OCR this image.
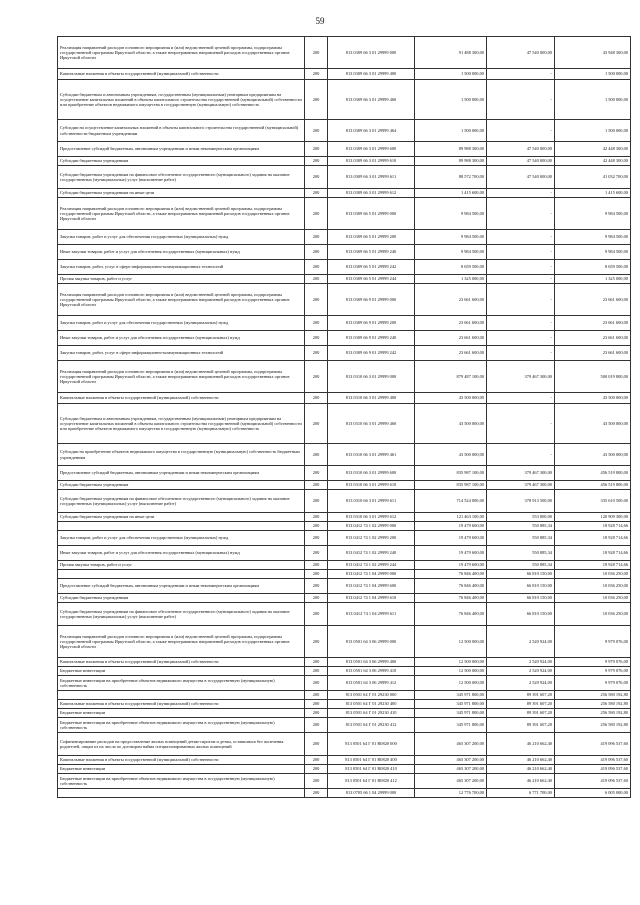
59
Реализация направлений расходов основного мероприятия и (или) ведомственной целевой программы, подпрограммы государственной программы Иркутской области, а также непрограммных направлений расходов государственных органов Иркутской области	200	813 0309 66 3 01 29999 000	91 488 300,00	47 540 000,00	43 948 300,00
Капитальные вложения в объекты государственной (муниципальной) собственности	200	813 0309 66 3 01 29999 400	1 500 000,00	-	1 500 000,00
Субсидии бюджетным и автономным учреждениям, государственным (муниципальным) унитарным предприятиям на осуществление капитальных вложений в объекты капитального строительства государственной (муниципальной) собственности или приобретение объектов недвижимого имущества в государственную (муниципальную) собственность	200	813 0309 66 3 01 29999 460	1 500 000,00	-	1 500 000,00
Субсидии на осуществление капитальных вложений в объекты капитального строительства государственной (муниципальной) собственности бюджетным учреждениям	200	813 0309 66 3 01 29999 464	1 500 000,00	-	1 500 000,00
Предоставление субсидий бюджетным, автономным учреждениям и иным некоммерческим организациям	200	813 0309 66 3 01 29999 600	89 988 300,00	47 540 000,00	42 448 300,00
Субсидии бюджетным учреждениям	200	813 0309 66 3 01 29999 610	89 988 300,00	47 540 000,00	42 448 300,00
Субсидии бюджетным учреждениям на финансовое обеспечение государственного (муниципального) задания на оказание государственных (муниципальных) услуг (выполнение работ)	200	813 0309 66 3 01 29999 611	88 572 700,00	47 540 000,00	41 032 700,00
Субсидии бюджетным учреждениям на иные цели	200	813 0309 66 3 01 29999 612	1 415 600,00	-	1 415 600,00
Реализация направлений расходов основного мероприятия и (или) ведомственной целевой программы, подпрограммы государственной программы Иркутской области, а также непрограммных направлений расходов государственных органов Иркутской области	200	813 0309 66 5 01 29999 000	9 984 500,00	-	9 984 500,00
Закупка товаров, работ и услуг для обеспечения государственных (муниципальных) нужд	200	813 0309 66 5 01 29999 200	9 984 500,00	-	9 984 500,00
Иные закупки товаров, работ и услуг для обеспечения государственных (муниципальных) нужд	200	813 0309 66 5 01 29999 240	9 984 500,00	-	9 984 500,00
Закупка товаров, работ, услуг в сфере информационно-коммуникационных технологий	200	813 0309 66 5 01 29999 242	8 659 500,00	-	8 659 500,00
Прочая закупка товаров, работ и услуг	200	813 0309 66 5 01 29999 244	1 325 000,00	-	1 325 000,00
Реализация направлений расходов основного мероприятия и (или) ведомственной целевой программы, подпрограммы государственной программы Иркутской области, а также непрограммных направлений расходов государственных органов Иркутской области	200	813 0309 66 9 01 29999 000	23 661 600,00	-	23 661 600,00
Закупка товаров, работ и услуг для обеспечения государственных (муниципальных) нужд	200	813 0309 66 9 01 29999 200	23 661 600,00	-	23 661 600,00
Иные закупки товаров, работ и услуг для обеспечения государственных (муниципальных) нужд	200	813 0309 66 9 01 29999 240	23 661 600,00	-	23 661 600,00
Закупка товаров, работ, услуг в сфере информационно-коммуникационных технологий	200	813 0309 66 9 01 29999 242	23 661 600,00	-	23 661 600,00
Реализация направлений расходов основного мероприятия и (или) ведомственной целевой программы, подпрограммы государственной программы Иркутской области, а также непрограммных направлений расходов государственных органов Иркутской области	200	813 0310 66 3 01 29999 000	879 487 100,00	379 467 300,00	500 019 800,00
Капитальные вложения в объекты государственной (муниципальной) собственности	200	813 0310 66 3 01 29999 400	43 500 000,00	-	43 500 000,00
Субсидии бюджетным и автономным учреждениям, государственным (муниципальным) унитарным предприятиям на осуществление капитальных вложений в объекты капитального строительства государственной (муниципальной) собственности или приобретение объектов недвижимого имущества в государственную (муниципальную) собственность	200	813 0310 66 3 01 29999 460	43 500 000,00	-	43 500 000,00
Субсидии на приобретение объектов недвижимого имущества в государственную (муниципальную) собственность бюджетным учреждениям	200	813 0310 66 3 01 29999 461	43 500 000,00	-	43 500 000,00
Предоставление субсидий бюджетным, автономным учреждениям и иным некоммерческим организациям	200	813 0310 66 3 01 29999 600	835 987 100,00	379 467 300,00	456 519 800,00
Субсидии бюджетным учреждениям	200	813 0310 66 3 01 29999 610	835 987 100,00	379 467 300,00	456 519 800,00
Субсидии бюджетным учреждениям на финансовое обеспечение государственного (муниципального) задания на оказание государственных (муниципальных) услуг (выполнение работ)	200	813 0310 66 3 01 29999 611	714 524 000,00	378 913 500,00	335 610 500,00
Субсидии бюджетным учреждениям на иные цели	200	813 0310 66 3 01 29999 612	121 463 100,00	553 800,00	120 909 300,00
	200	813 0412 74 1 02 29999 000	19 479 600,00	550 885,34	18 928 714,66
Закупка товаров, работ и услуг для обеспечения государственных (муниципальных) нужд	200	813 0412 74 1 02 29999 200	19 479 600,00	550 885,34	18 928 714,66
Иные закупки товаров, работ и услуг для обеспечения государственных (муниципальных) нужд	200	813 0412 74 1 02 29999 240	19 479 600,00	550 885,34	18 928 714,66
Прочая закупка товаров, работ и услуг	200	813 0412 74 1 02 29999 244	19 479 600,00	550 885,34	18 928 714,66
	200	813 0412 74 1 04 29999 000	76 846 400,00	66 810 150,00	10 036 250,00
Предоставление субсидий бюджетным, автономным учреждениям и иным некоммерческим организациям	200	813 0412 74 1 04 29999 600	76 846 400,00	66 810 150,00	10 036 250,00
Субсидии бюджетным учреждениям	200	813 0412 74 1 04 29999 610	76 846 400,00	66 810 150,00	10 036 250,00
Субсидии бюджетным учреждениям на финансовое обеспечение государственного (муниципального) задания на оказание государственных (муниципальных) услуг (выполнение работ)	200	813 0412 74 1 04 29999 611	76 846 400,00	66 810 150,00	10 036 250,00
Реализация направлений расходов основного мероприятия и (или) ведомственной целевой программы, подпрограммы государственной программы Иркутской области, а также непрограммных направлений расходов государственных органов Иркутской области	200	813 0501 64 3 06 29999 000	12 500 000,00	2 520 924,00	9 979 076,00
Капитальные вложения в объекты государственной (муниципальной) собственности	200	813 0501 64 3 06 29999 400	12 500 000,00	2 520 924,00	9 979 076,00
Бюджетные инвестиции	200	813 0501 64 3 06 29999 410	12 500 000,00	2 520 924,00	9 979 076,00
Бюджетные инвестиции на приобретение объектов недвижимого имущества в государственную (муниципальную) собственность	200	813 0501 64 3 06 29999 412	12 500 000,00	2 520 924,00	9 979 076,00
	200	813 0501 64 Г 01 29230 000	345 971 800,00	89 391 607,20	256 580 192,80
Капитальные вложения в объекты государственной (муниципальной) собственности	200	813 0501 64 Г 01 29230 400	345 971 800,00	89 391 607,20	256 580 192,80
Бюджетные инвестиции	200	813 0501 64 Г 01 29230 410	345 971 800,00	89 391 607,20	256 580 192,80
Бюджетные инвестиции на приобретение объектов недвижимого имущества в государственную (муниципальную) собственность	200	813 0501 64 Г 01 29230 412	345 971 800,00	89 391 607,20	256 580 192,80
Софинансирование расходов на предоставление жилых помещений детям-сиротам и детям, оставшимся без попечения родителей, лицам из их числа по договорам найма специализированных жилых помещений	200	813 0501 64 Г 01 R0820 000	465 307 200,00	46 210 662,40	419 096 537,60
Капитальные вложения в объекты государственной (муниципальной) собственности	200	813 0501 64 Г 01 R0820 400	465 307 200,00	46 210 662,40	419 096 537,60
Бюджетные инвестиции	200	813 0501 64 Г 01 R0820 410	465 307 200,00	46 210 662,40	419 096 537,60
Бюджетные инвестиции на приобретение объектов недвижимого имущества в государственную (муниципальную) собственность	200	813 0501 64 Г 01 R0820 412	465 307 200,00	46 210 662,40	419 096 537,60
	200	813 0705 66 1 04 29999 000	12 776 700,00	6 771 700,00	6 005 000,00
